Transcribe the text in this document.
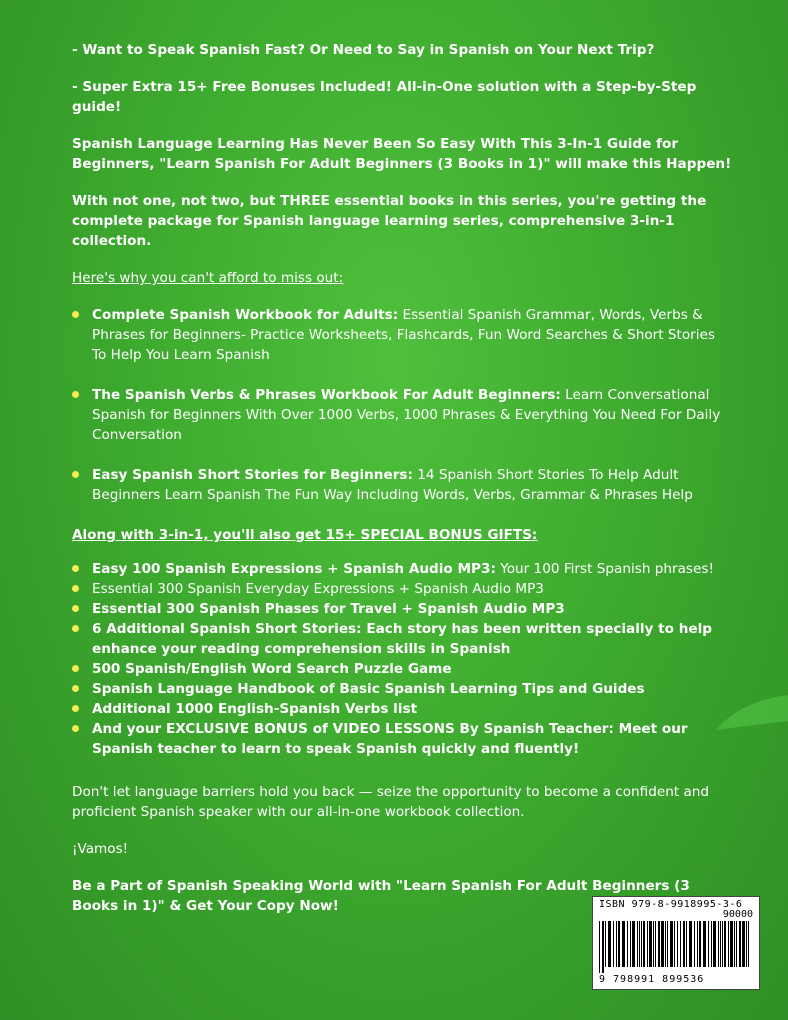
- Want to Speak Spanish Fast? Or Need to Say in Spanish on Your Next Trip?

- Super Extra 15+ Free Bonuses Included! All-in-One solution with a Step-by-Step guide!

Spanish Language Learning Has Never Been So Easy With This 3-In-1 Guide for Beginners, "Learn Spanish For Adult Beginners (3 Books in 1)" will make this Happen!

With not one, not two, but THREE essential books in this series, you're getting the complete package for Spanish language learning series, comprehensive 3-in-1 collection.

Here's why you can't afford to miss out:

Complete Spanish Workbook for Adults: Essential Spanish Grammar, Words, Verbs & Phrases for Beginners- Practice Worksheets, Flashcards, Fun Word Searches & Short Stories To Help You Learn Spanish
The Spanish Verbs & Phrases Workbook For Adult Beginners: Learn Conversational Spanish for Beginners With Over 1000 Verbs, 1000 Phrases & Everything You Need For Daily Conversation
Easy Spanish Short Stories for Beginners: 14 Spanish Short Stories To Help Adult Beginners Learn Spanish The Fun Way Including Words, Verbs, Grammar & Phrases Help

Along with 3-in-1, you'll also get 15+ SPECIAL BONUS GIFTS:

Easy 100 Spanish Expressions + Spanish Audio MP3: Your 100 First Spanish phrases!
Essential 300 Spanish Everyday Expressions + Spanish Audio MP3
Essential 300 Spanish Phases for Travel + Spanish Audio MP3
6 Additional Spanish Short Stories: Each story has been written specially to help enhance your reading comprehension skills in Spanish
500 Spanish/English Word Search Puzzle Game
Spanish Language Handbook of Basic Spanish Learning Tips and Guides
Additional 1000 English-Spanish Verbs list
And your EXCLUSIVE BONUS of VIDEO LESSONS By Spanish Teacher: Meet our Spanish teacher to learn to speak Spanish quickly and fluently!

Don't let language barriers hold you back — seize the opportunity to become a confident and proficient Spanish speaker with our all-in-one workbook collection.

¡Vamos!

Be a Part of Spanish Speaking World with "Learn Spanish For Adult Beginners (3 Books in 1)" & Get Your Copy Now!	ISBN 979-8-9918995-3-6
90000
9 798991 899536
